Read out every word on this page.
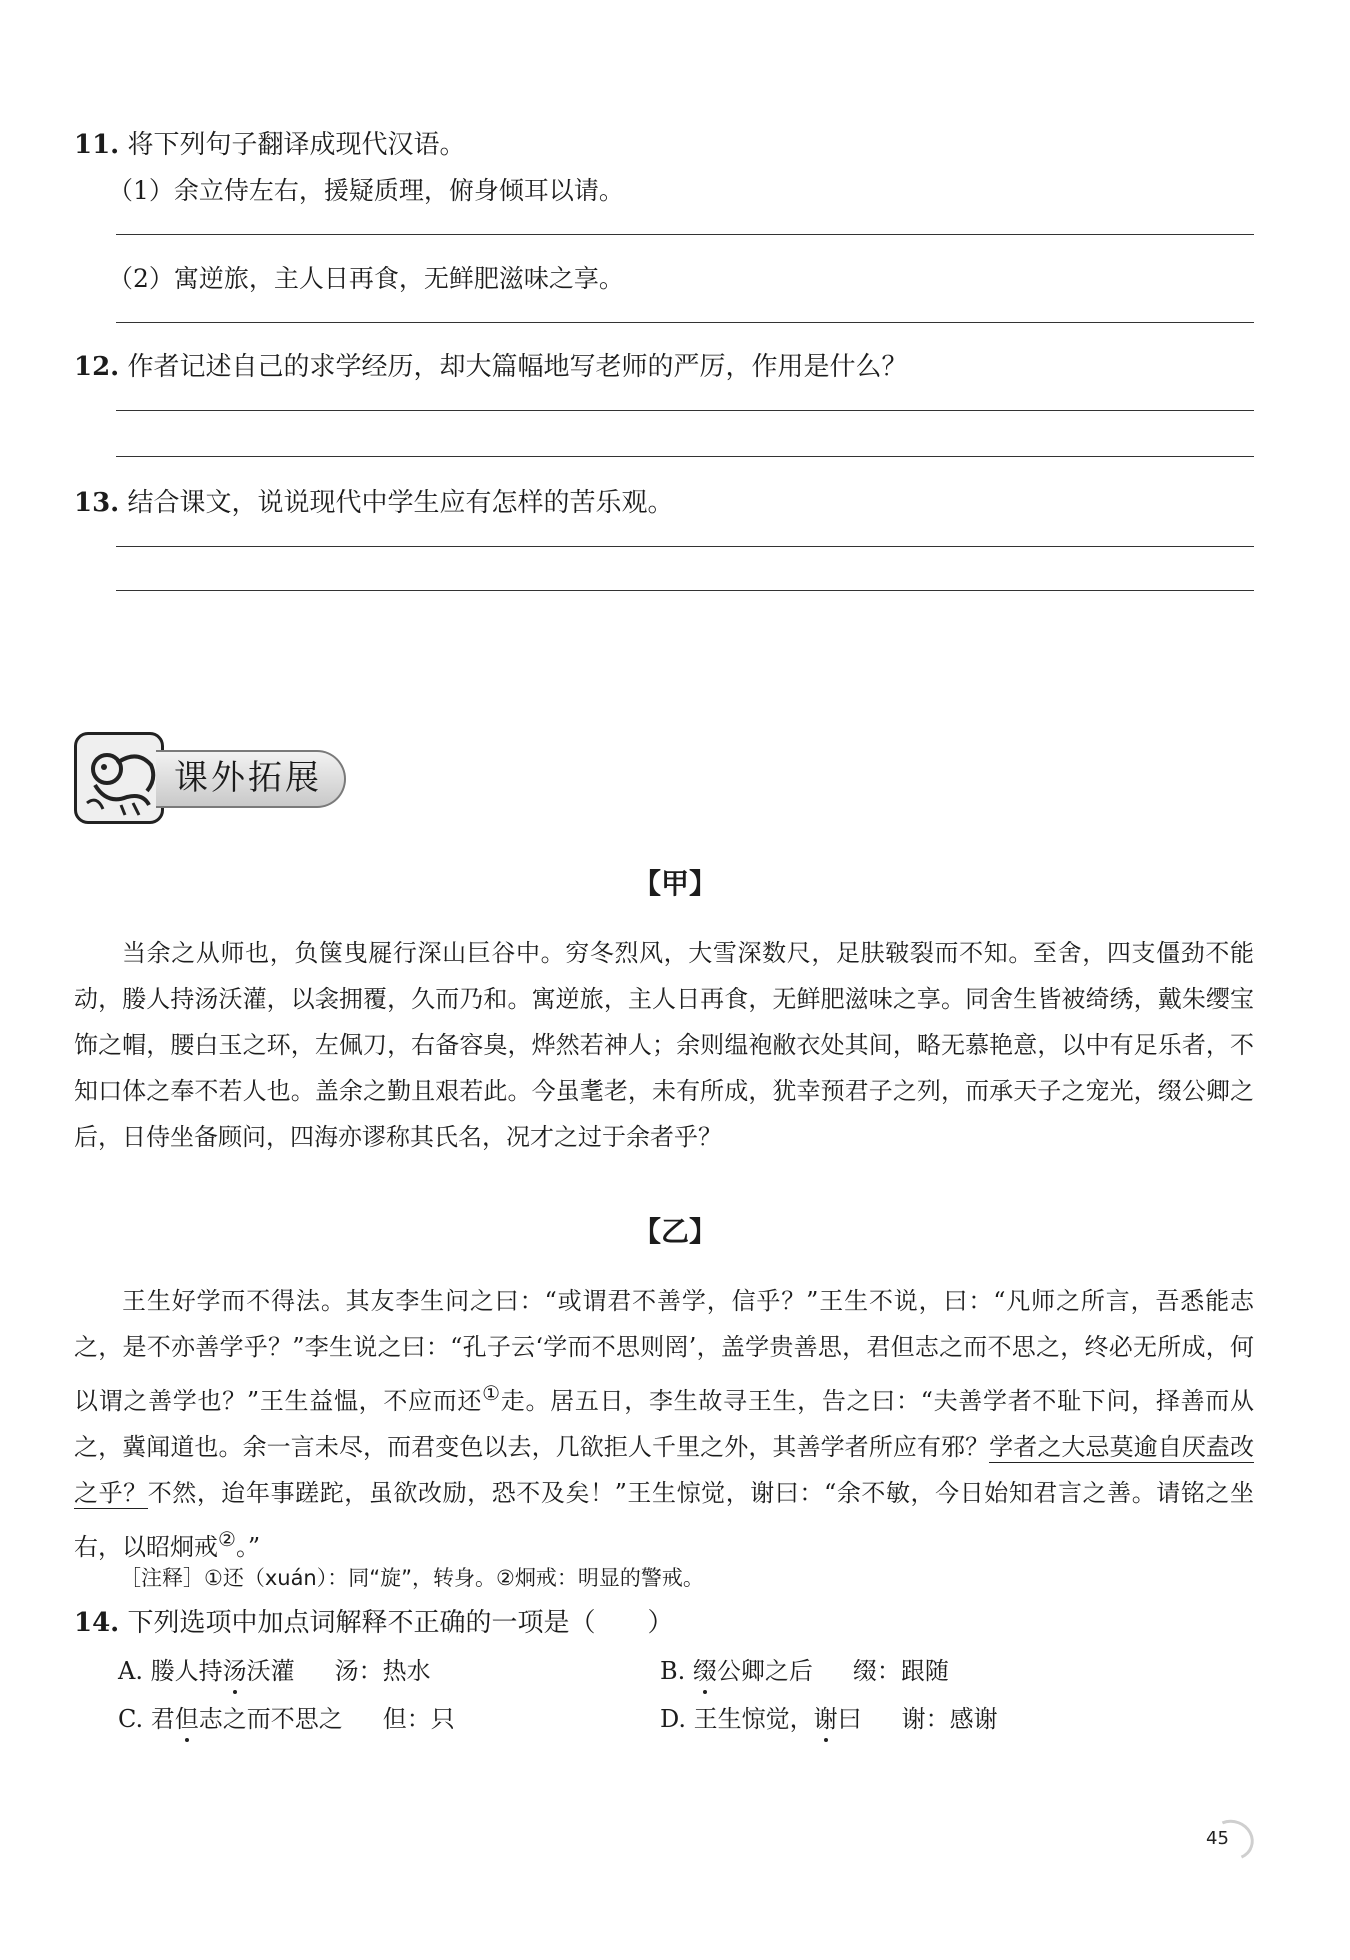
11. 将下列句子翻译成现代汉语。
（1）余立侍左右，援疑质理，俯身倾耳以请。
（2）寓逆旅，主人日再食，无鲜肥滋味之享。
12. 作者记述自己的求学经历，却大篇幅地写老师的严厉，作用是什么？
13. 结合课文，说说现代中学生应有怎样的苦乐观。
课外拓展
【甲】

当余之从师也，负箧曳屣行深山巨谷中。穷冬烈风，大雪深数尺，足肤皲裂而不知。至舍，四支僵劲不能动，媵人持汤沃灌，以衾拥覆，久而乃和。寓逆旅，主人日再食，无鲜肥滋味之享。同舍生皆被绮绣，戴朱缨宝饰之帽，腰白玉之环，左佩刀，右备容臭，烨然若神人；余则缊袍敝衣处其间，略无慕艳意，以中有足乐者，不知口体之奉不若人也。盖余之勤且艰若此。今虽耄老，未有所成，犹幸预君子之列，而承天子之宠光，缀公卿之后，日侍坐备顾问，四海亦谬称其氏名，况才之过于余者乎？

【乙】

王生好学而不得法。其友李生问之曰：“或谓君不善学，信乎？”王生不说，曰：“凡师之所言，吾悉能志之，是不亦善学乎？”李生说之曰：“孔子云‘学而不思则罔’，盖学贵善思，君但志之而不思之，终必无所成，何以谓之善学也？”王生益愠，不应而还①走。居五日，李生故寻王生，告之曰：“夫善学者不耻下问，择善而从之，冀闻道也。余一言未尽，而君变色以去，几欲拒人千里之外，其善学者所应有邪？学者之大忌莫逾自厌盍改之乎？不然，迨年事蹉跎，虽欲改励，恐不及矣！”王生惊觉，谢曰：“余不敏，今日始知君言之善。请铭之坐右，以昭炯戒②。”

［注释］①还（xuán）：同“旋”，转身。②炯戒：明显的警戒。
14. 下列选项中加点词解释不正确的一项是（　　）
A. 媵人持汤沃灌 汤：热水	B. 缀公卿之后 缀：跟随
C. 君但志之而不思之 但：只	D. 王生惊觉，谢曰 谢：感谢
45
